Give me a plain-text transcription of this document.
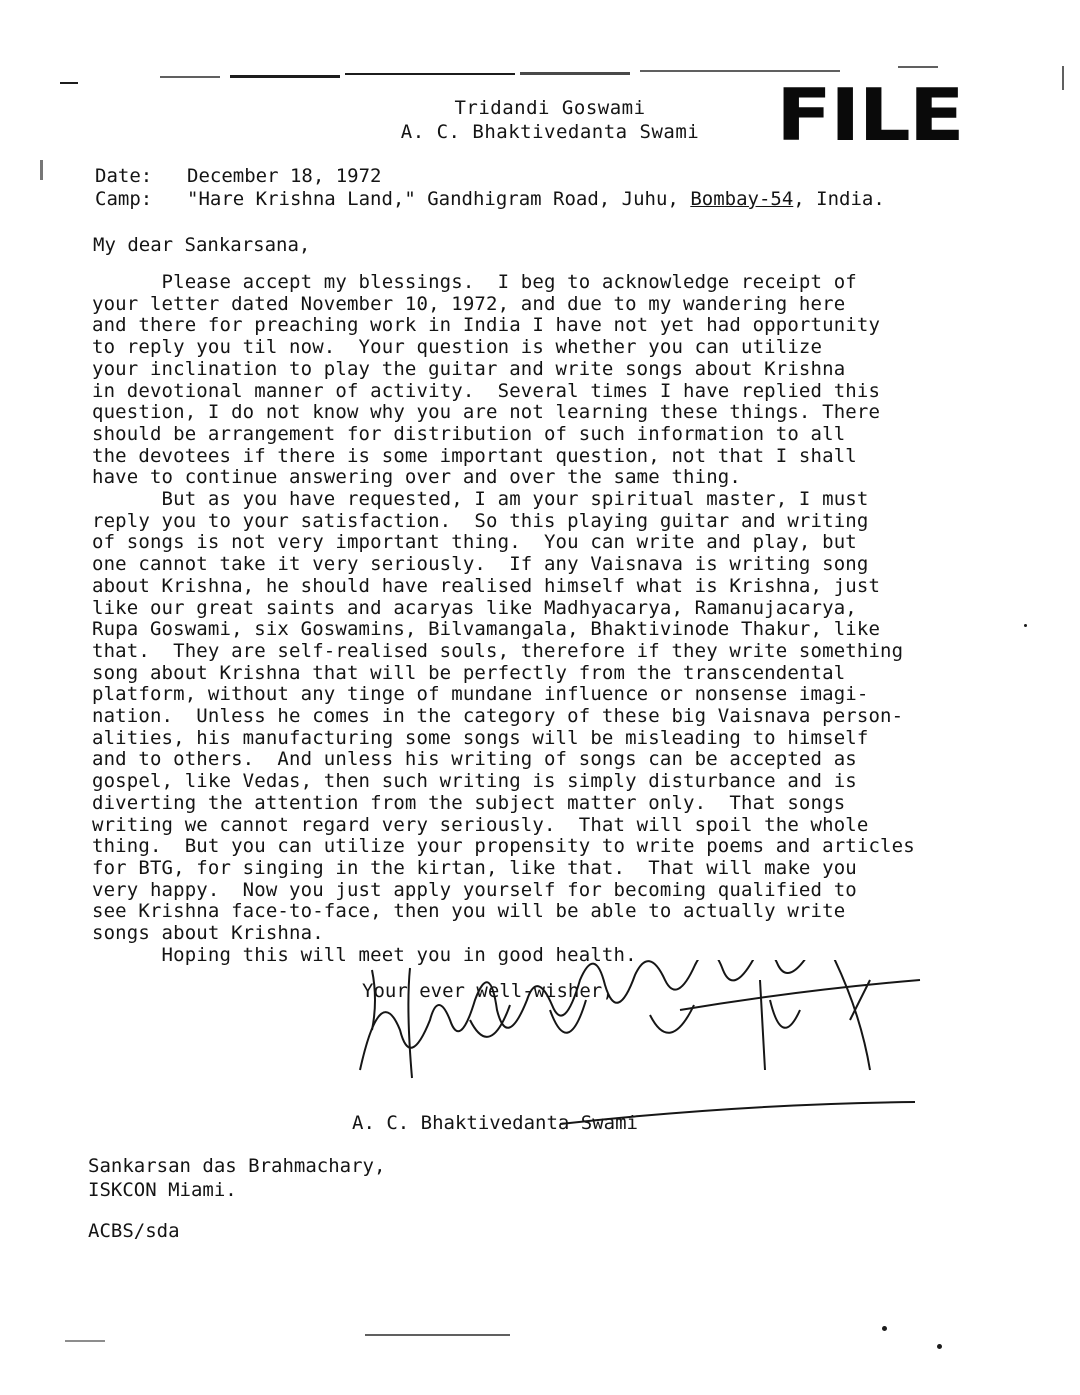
Tridandi Goswami
A. C. Bhaktivedanta Swami FILE
Date: December 18, 1972
Camp: "Hare Krishna Land," Gandhigram Road, Juhu, Bombay-54, India.
My dear Sankarsana,
Please accept my blessings.  I beg to acknowledge receipt of
your letter dated November 10, 1972, and due to my wandering here
and there for preaching work in India I have not yet had opportunity
to reply you til now.  Your question is whether you can utilize
your inclination to play the guitar and write songs about Krishna
in devotional manner of activity.  Several times I have replied this
question, I do not know why you are not learning these things. There
should be arrangement for distribution of such information to all
the devotees if there is some important question, not that I shall
have to continue answering over and over the same thing.
But as you have requested, I am your spiritual master, I must
reply you to your satisfaction.  So this playing guitar and writing
of songs is not very important thing.  You can write and play, but
one cannot take it very seriously.  If any Vaisnava is writing song
about Krishna, he should have realised himself what is Krishna, just
like our great saints and acaryas like Madhyacarya, Ramanujacarya,
Rupa Goswami, six Goswamins, Bilvamangala, Bhaktivinode Thakur, like
that.  They are self-realised souls, therefore if they write something
song about Krishna that will be perfectly from the transcendental
platform, without any tinge of mundane influence or nonsense imagi-
nation.  Unless he comes in the category of these big Vaisnava person-
alities, his manufacturing some songs will be misleading to himself
and to others.  And unless his writing of songs can be accepted as
gospel, like Vedas, then such writing is simply disturbance and is
diverting the attention from the subject matter only.  That songs
writing we cannot regard very seriously.  That will spoil the whole
thing.  But you can utilize your propensity to write poems and articles
for BTG, for singing in the kirtan, like that.  That will make you
very happy.  Now you just apply yourself for becoming qualified to
see Krishna face-to-face, then you will be able to actually write
songs about Krishna.
Hoping this will meet you in good health.
Your ever well-wisher,
A. C. Bhaktivedanta Swami
Sankarsan das Brahmachary,
ISKCON Miami.
ACBS/sda
